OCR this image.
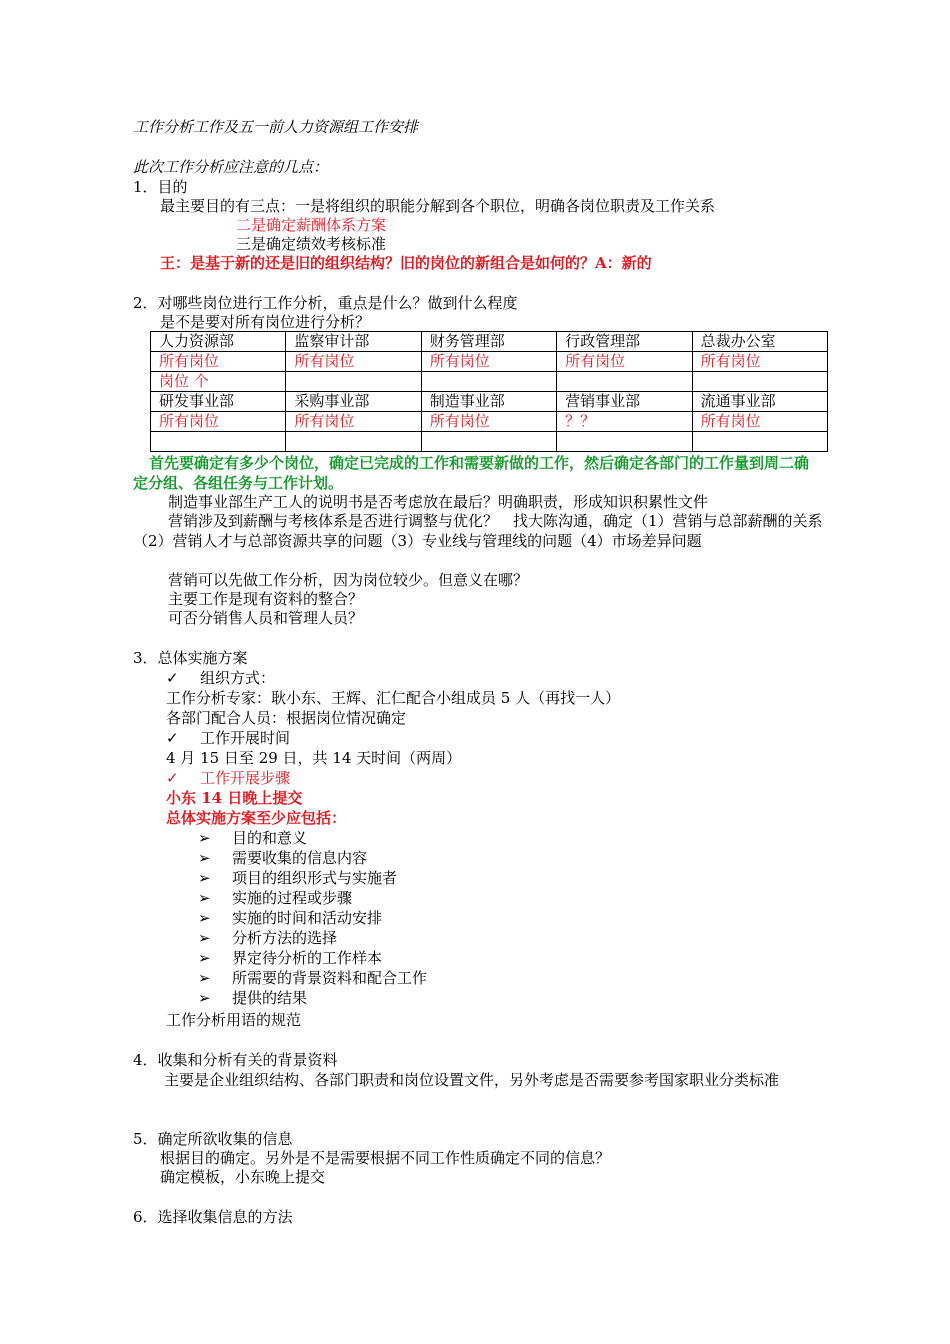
工作分析工作及五一前人力资源组工作安排
此次工作分析应注意的几点：
1．目的
最主要目的有三点：一是将组织的职能分解到各个职位，明确各岗位职责及工作关系
二是确定薪酬体系方案
三是确定绩效考核标准
王：是基于新的还是旧的组织结构？旧的岗位的新组合是如何的？A：新的
2．对哪些岗位进行工作分析，重点是什么？做到什么程度
是不是要对所有岗位进行分析？
人力资源部	监察审计部	财务管理部	行政管理部	总裁办公室
所有岗位	所有岗位	所有岗位	所有岗位	所有岗位
岗位 个				
研发事业部	采购事业部	制造事业部	营销事业部	流通事业部
所有岗位	所有岗位	所有岗位	？？	所有岗位

首先要确定有多少个岗位，确定已完成的工作和需要新做的工作，然后确定各部门的工作量到周二确定分组、各组任务与工作计划。
制造事业部生产工人的说明书是否考虑放在最后？明确职责，形成知识积累性文件
营销涉及到薪酬与考核体系是否进行调整与优化？　找大陈沟通，确定（1）营销与总部薪酬的关系（2）营销人才与总部资源共享的问题（3）专业线与管理线的问题（4）市场差异问题
营销可以先做工作分析，因为岗位较少。但意义在哪？
主要工作是现有资料的整合？
可否分销售人员和管理人员？
3．总体实施方案
✓ 组织方式：
工作分析专家：耿小东、王辉、汇仁配合小组成员 5 人（再找一人）
各部门配合人员：根据岗位情况确定
✓ 工作开展时间
4 月 15 日至 29 日，共 14 天时间（两周）
✓ 工作开展步骤
小东 14 日晚上提交
总体实施方案至少应包括：
➢ 目的和意义
➢ 需要收集的信息内容
➢ 项目的组织形式与实施者
➢ 实施的过程或步骤
➢ 实施的时间和活动安排
➢ 分析方法的选择
➢ 界定待分析的工作样本
➢ 所需要的背景资料和配合工作
➢ 提供的结果
工作分析用语的规范
4．收集和分析有关的背景资料
主要是企业组织结构、各部门职责和岗位设置文件，另外考虑是否需要参考国家职业分类标准
5．确定所欲收集的信息
根据目的确定。另外是不是需要根据不同工作性质确定不同的信息？
确定模板，小东晚上提交
6．选择收集信息的方法
